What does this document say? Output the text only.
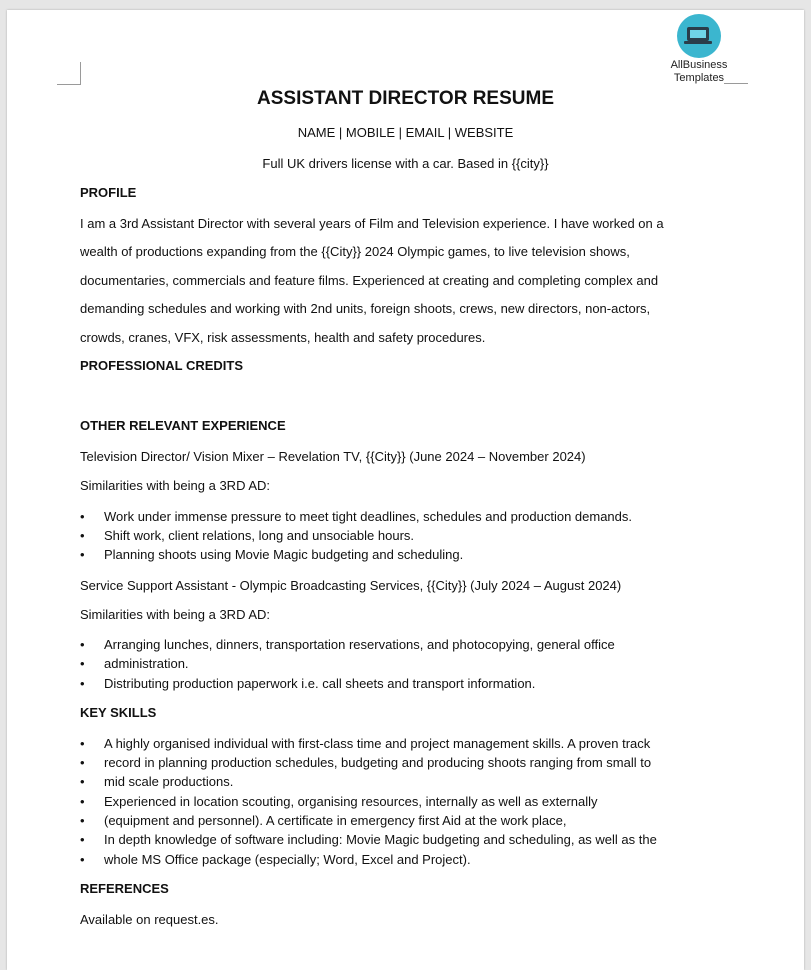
AllBusiness
Templates
ASSISTANT DIRECTOR RESUME
NAME | MOBILE | EMAIL | WEBSITE
Full UK drivers license with a car. Based in {{city}}
PROFILE
I am a 3rd Assistant Director with several years of Film and Television experience. I have worked on a
wealth of productions expanding from the {{City}} 2024 Olympic games, to live television shows,
documentaries, commercials and feature films. Experienced at creating and completing complex and
demanding schedules and working with 2nd units, foreign shoots, crews, new directors, non-actors,
crowds, cranes, VFX, risk assessments, health and safety procedures.
PROFESSIONAL CREDITS
OTHER RELEVANT EXPERIENCE
Television Director/ Vision Mixer – Revelation TV, {{City}} (June 2024 – November 2024)
Similarities with being a 3RD AD:
• Work under immense pressure to meet tight deadlines, schedules and production demands.
• Shift work, client relations, long and unsociable hours.
• Planning shoots using Movie Magic budgeting and scheduling.
Service Support Assistant - Olympic Broadcasting Services, {{City}} (July 2024 – August 2024)
Similarities with being a 3RD AD:
• Arranging lunches, dinners, transportation reservations, and photocopying, general office
• administration.
• Distributing production paperwork i.e. call sheets and transport information.
KEY SKILLS
• A highly organised individual with first-class time and project management skills. A proven track
• record in planning production schedules, budgeting and producing shoots ranging from small to
• mid scale productions.
• Experienced in location scouting, organising resources, internally as well as externally
• (equipment and personnel). A certificate in emergency first Aid at the work place,
• In depth knowledge of software including: Movie Magic budgeting and scheduling, as well as the
• whole MS Office package (especially; Word, Excel and Project).
REFERENCES
Available on request.es.
